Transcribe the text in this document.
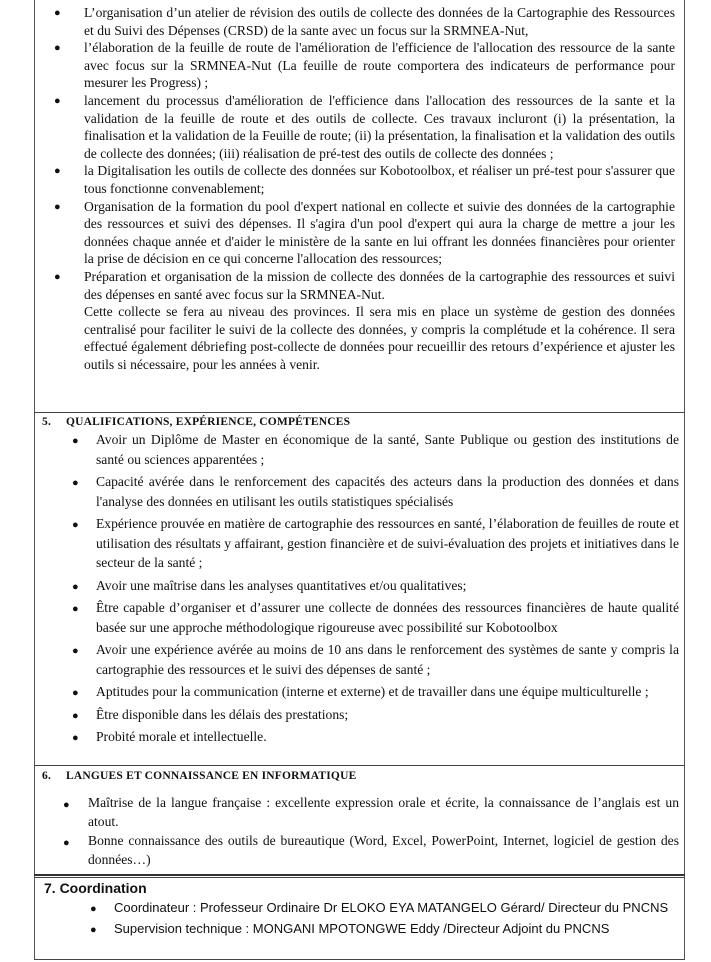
● L’organisation d’un atelier de révision des outils de collecte des données de la Cartographie des Ressources et du Suivi des Dépenses (CRSD) de la sante avec un focus sur la SRMNEA-Nut,
● l’élaboration de la feuille de route de l'amélioration de l'efficience de l'allocation des ressource de la sante avec focus sur la SRMNEA-Nut (La feuille de route comportera des indicateurs de performance pour mesurer les Progress) ;
● lancement du processus d'amélioration de l'efficience dans l'allocation des ressources de la sante et la validation de la feuille de route et des outils de collecte. Ces travaux incluront (i) la présentation, la finalisation et la validation de la Feuille de route; (ii) la présentation, la finalisation et la validation des outils de collecte des données; (iii) réalisation de pré-test des outils de collecte des données ;
● la Digitalisation les outils de collecte des données sur Kobotoolbox, et réaliser un pré-test pour s'assurer que tous fonctionne convenablement;
● Organisation de la formation du pool d'expert national en collecte et suivie des données de la cartographie des ressources et suivi des dépenses. Il s'agira d'un pool d'expert qui aura la charge de mettre a jour les données chaque année et d'aider le ministère de la sante en lui offrant les données financières pour orienter la prise de décision en ce qui concerne l'allocation des ressources;
● Préparation et organisation de la mission de collecte des données de la cartographie des ressources et suivi des dépenses en santé avec focus sur la SRMNEA-Nut.
Cette collecte se fera au niveau des provinces. Il sera mis en place un système de gestion des données centralisé pour faciliter le suivi de la collecte des données, y compris la complétude et la cohérence. Il sera effectué également débriefing post-collecte de données pour recueillir des retours d’expérience et ajuster les outils si nécessaire, pour les années à venir.
5. QUALIFICATIONS, EXPÉRIENCE, COMPÉTENCES
● Avoir un Diplôme de Master en économique de la santé, Sante Publique ou gestion des institutions de santé ou sciences apparentées ;
● Capacité avérée dans le renforcement des capacités des acteurs dans la production des données et dans l'analyse des données en utilisant les outils statistiques spécialisés
● Expérience prouvée en matière de cartographie des ressources en santé, l’élaboration de feuilles de route et utilisation des résultats y affairant, gestion financière et de suivi-évaluation des projets et initiatives dans le secteur de la santé ;
● Avoir une maîtrise dans les analyses quantitatives et/ou qualitatives;
● Être capable d’organiser et d’assurer une collecte de données des ressources financières de haute qualité basée sur une approche méthodologique rigoureuse avec possibilité sur Kobotoolbox
● Avoir une expérience avérée au moins de 10 ans dans le renforcement des systèmes de sante y compris la cartographie des ressources et le suivi des dépenses de santé ;
● Aptitudes pour la communication (interne et externe) et de travailler dans une équipe multiculturelle ;
● Être disponible dans les délais des prestations;
● Probité morale et intellectuelle.
6. LANGUES ET CONNAISSANCE EN INFORMATIQUE
● Maîtrise de la langue française : excellente expression orale et écrite, la connaissance de l’anglais est un atout.
● Bonne connaissance des outils de bureautique (Word, Excel, PowerPoint, Internet, logiciel de gestion des données…)
7. Coordination
● Coordinateur : Professeur Ordinaire Dr ELOKO EYA MATANGELO Gérard/ Directeur du PNCNS
● Supervision technique : MONGANI MPOTONGWE Eddy /Directeur Adjoint du PNCNS
